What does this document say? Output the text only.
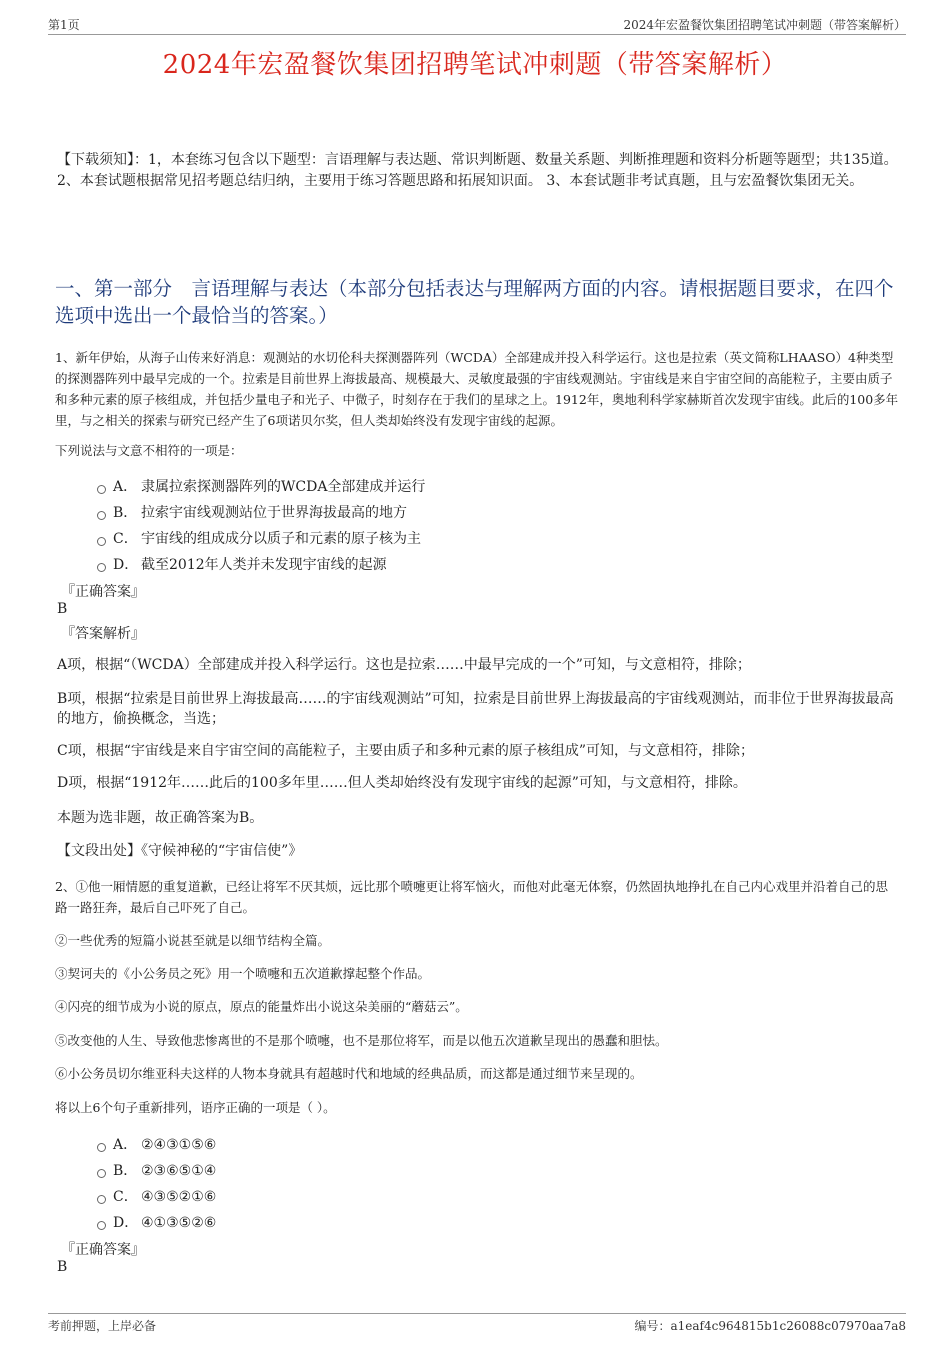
第1页	2024年宏盈餐饮集团招聘笔试冲刺题（带答案解析）
2024年宏盈餐饮集团招聘笔试冲刺题（带答案解析）
【下载须知】：1，本套练习包含以下题型：言语理解与表达题、常识判断题、数量关系题、判断推理题和资料分析题等题型；共135道。 2、本套试题根据常见招考题总结归纳，主要用于练习答题思路和拓展知识面。 3、本套试题非考试真题，且与宏盈餐饮集团无关。
一、第一部分　言语理解与表达（本部分包括表达与理解两方面的内容。请根据题目要求，在四个选项中选出一个最恰当的答案。）
1、新年伊始，从海子山传来好消息：观测站的水切伦科夫探测器阵列（WCDA）全部建成并投入科学运行。这也是拉索（英文简称LHAASO）4种类型的探测器阵列中最早完成的一个。拉索是目前世界上海拔最高、规模最大、灵敏度最强的宇宙线观测站。宇宙线是来自宇宙空间的高能粒子，主要由质子和多种元素的原子核组成，并包括少量电子和光子、中微子，时刻存在于我们的星球之上。1912年，奥地利科学家赫斯首次发现宇宙线。此后的100多年里，与之相关的探索与研究已经产生了6项诺贝尔奖，但人类却始终没有发现宇宙线的起源。
下列说法与文意不相符的一项是：
A． 隶属拉索探测器阵列的WCDA全部建成并运行
B． 拉索宇宙线观测站位于世界海拔最高的地方
C． 宇宙线的组成成分以质子和元素的原子核为主
D． 截至2012年人类并未发现宇宙线的起源
『正确答案』
B
『答案解析』
A项，根据“（WCDA）全部建成并投入科学运行。这也是拉索……中最早完成的一个”可知，与文意相符，排除；
B项，根据“拉索是目前世界上海拔最高……的宇宙线观测站”可知，拉索是目前世界上海拔最高的宇宙线观测站，而非位于世界海拔最高的地方，偷换概念，当选；
C项，根据“宇宙线是来自宇宙空间的高能粒子，主要由质子和多种元素的原子核组成”可知，与文意相符，排除；
D项，根据“1912年……此后的100多年里……但人类却始终没有发现宇宙线的起源”可知，与文意相符，排除。
本题为选非题，故正确答案为B。
【文段出处】《守候神秘的“宇宙信使”》
2、①他一厢情愿的重复道歉，已经让将军不厌其烦，远比那个喷嚏更让将军恼火，而他对此毫无体察，仍然固执地挣扎在自己内心戏里并沿着自己的思路一路狂奔，最后自己吓死了自己。
②一些优秀的短篇小说甚至就是以细节结构全篇。
③契诃夫的《小公务员之死》用一个喷嚏和五次道歉撑起整个作品。
④闪亮的细节成为小说的原点，原点的能量炸出小说这朵美丽的“蘑菇云”。
⑤改变他的人生、导致他悲惨离世的不是那个喷嚏，也不是那位将军，而是以他五次道歉呈现出的愚蠢和胆怯。
⑥小公务员切尔维亚科夫这样的人物本身就具有超越时代和地域的经典品质，而这都是通过细节来呈现的。
将以上6个句子重新排列，语序正确的一项是（ ）。
A． ②④③①⑤⑥
B． ②③⑥⑤①④
C． ④③⑤②①⑥
D． ④①③⑤②⑥
『正确答案』
B
考前押题，上岸必备	编号：a1eaf4c964815b1c26088c07970aa7a8
